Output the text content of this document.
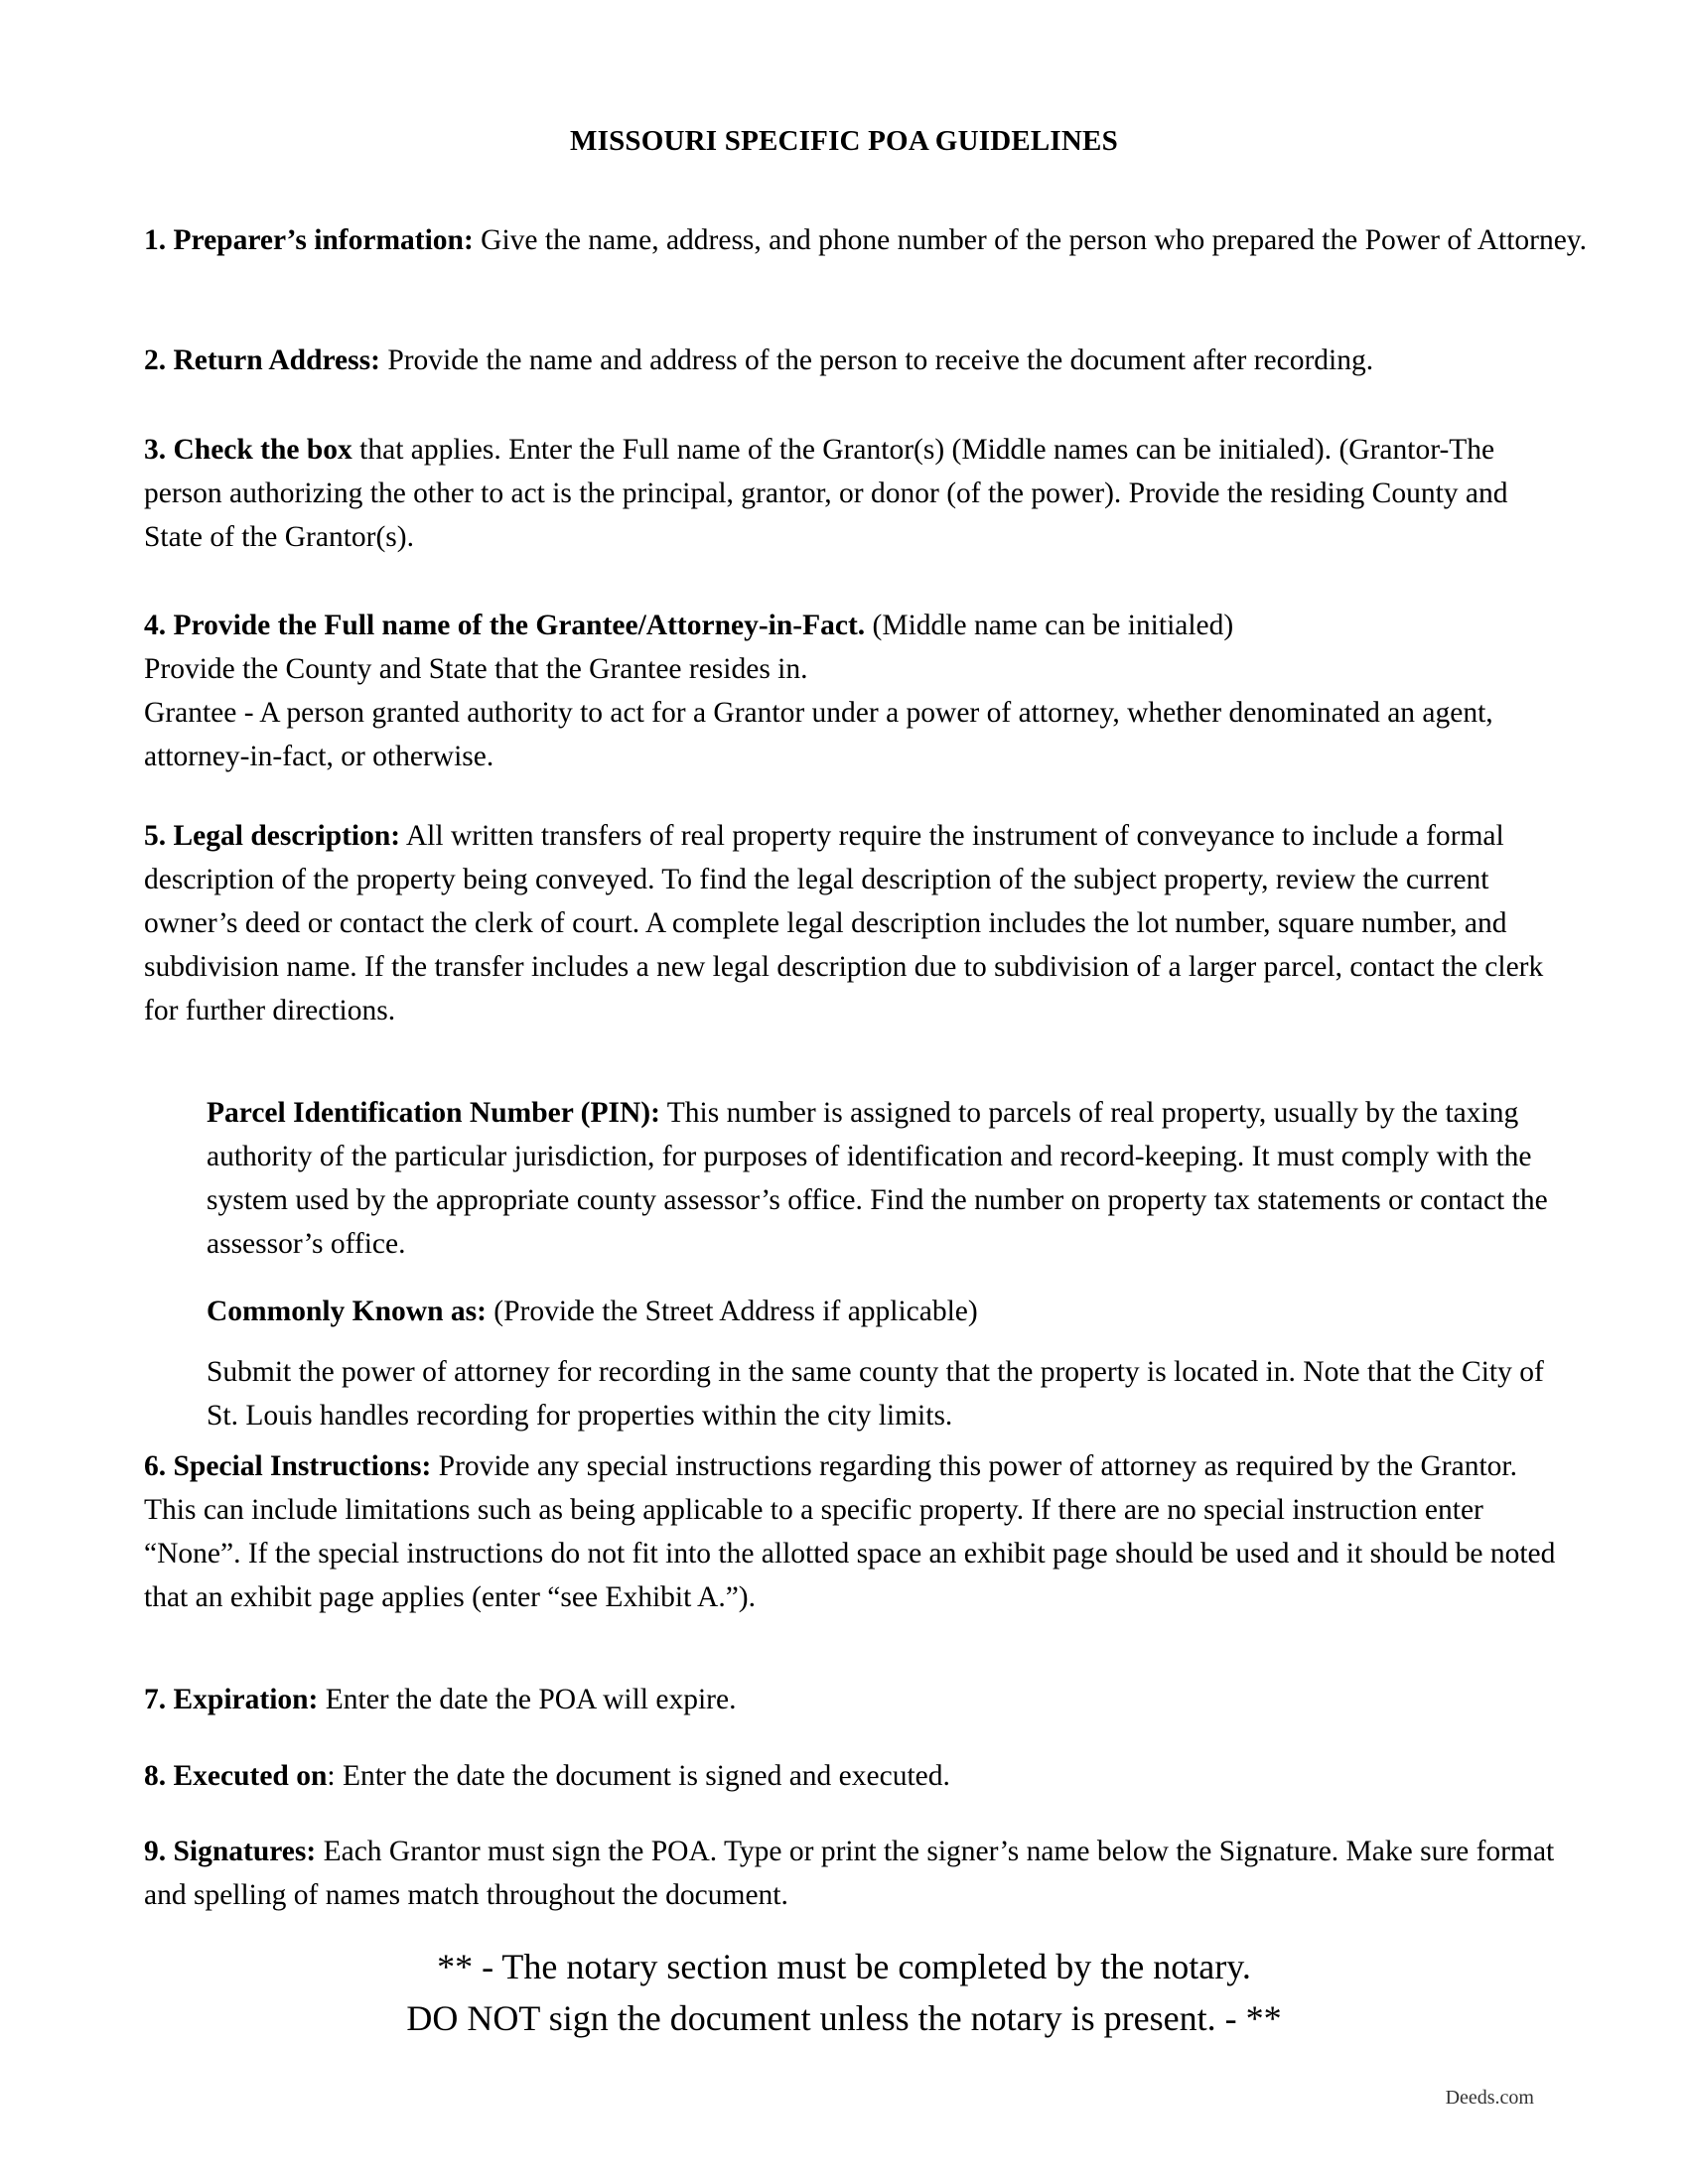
MISSOURI SPECIFIC POA GUIDELINES
1. Preparer’s information: Give the name, address, and phone number of the person who prepared the Power of Attorney.
2. Return Address: Provide the name and address of the person to receive the document after recording.
3. Check the box that applies. Enter the Full name of the Grantor(s) (Middle names can be initialed). (Grantor-The person authorizing the other to act is the principal, grantor, or donor (of the power). Provide the residing County and State of the Grantor(s).
4. Provide the Full name of the Grantee/Attorney-in-Fact. (Middle name can be initialed)
Provide the County and State that the Grantee resides in.
Grantee - A person granted authority to act for a Grantor under a power of attorney, whether denominated an agent, attorney-in-fact, or otherwise.
5. Legal description: All written transfers of real property require the instrument of conveyance to include a formal description of the property being conveyed. To find the legal description of the subject property, review the current owner’s deed or contact the clerk of court. A complete legal description includes the lot number, square number, and subdivision name. If the transfer includes a new legal description due to subdivision of a larger parcel, contact the clerk for further directions.
Parcel Identification Number (PIN): This number is assigned to parcels of real property, usually by the taxing authority of the particular jurisdiction, for purposes of identification and record-keeping. It must comply with the system used by the appropriate county assessor’s office. Find the number on property tax statements or contact the assessor’s office.
Commonly Known as: (Provide the Street Address if applicable)
Submit the power of attorney for recording in the same county that the property is located in. Note that the City of St. Louis handles recording for properties within the city limits.
6. Special Instructions: Provide any special instructions regarding this power of attorney as required by the Grantor. This can include limitations such as being applicable to a specific property. If there are no special instruction enter “None”. If the special instructions do not fit into the allotted space an exhibit page should be used and it should be noted that an exhibit page applies (enter “see Exhibit A.”).
7. Expiration: Enter the date the POA will expire.
8. Executed on: Enter the date the document is signed and executed.
9. Signatures: Each Grantor must sign the POA. Type or print the signer’s name below the Signature. Make sure format and spelling of names match throughout the document.
** - The notary section must be completed by the notary.
DO NOT sign the document unless the notary is present. - **
Deeds.com
